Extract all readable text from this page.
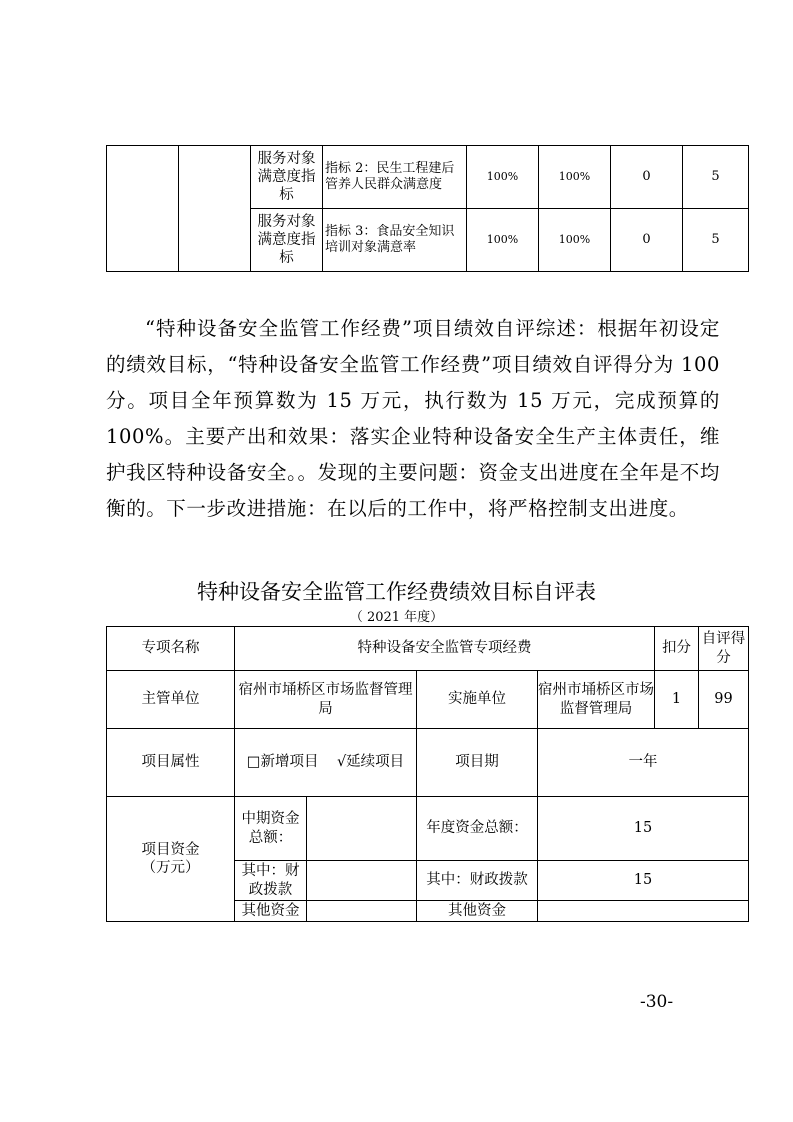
		服务对象满意度指标	指标 2：民生工程建后管养人民群众满意度	100%	100%	0	5
		服务对象满意度指标	指标 3：食品安全知识培训对象满意率	100%	100%	0	5

“特种设备安全监管工作经费”项目绩效自评综述：根据年初设定的绩效目标，“特种设备安全监管工作经费”项目绩效自评得分为 100 分。项目全年预算数为 15 万元，执行数为 15 万元，完成预算的 100%。主要产出和效果：落实企业特种设备安全生产主体责任，维护我区特种设备安全。。发现的主要问题：资金支出进度在全年是不均衡的。下一步改进措施：在以后的工作中，将严格控制支出进度。

特种设备安全监管工作经费绩效目标自评表

（ 2021 年度）

专项名称	特种设备安全监管专项经费				扣分	自评得分
主管单位	宿州市埇桥区市场监督管理局		实施单位	宿州市埇桥区市场监督管理局	1	99
项目属性	□新增项目 √延续项目		项目期	一年		
项目资金
（万元）	中期资金总额：		年度资金总额：	15		
	其中：财政拨款		其中：财政拨款	15		
	其他资金		其他资金			
-30-
